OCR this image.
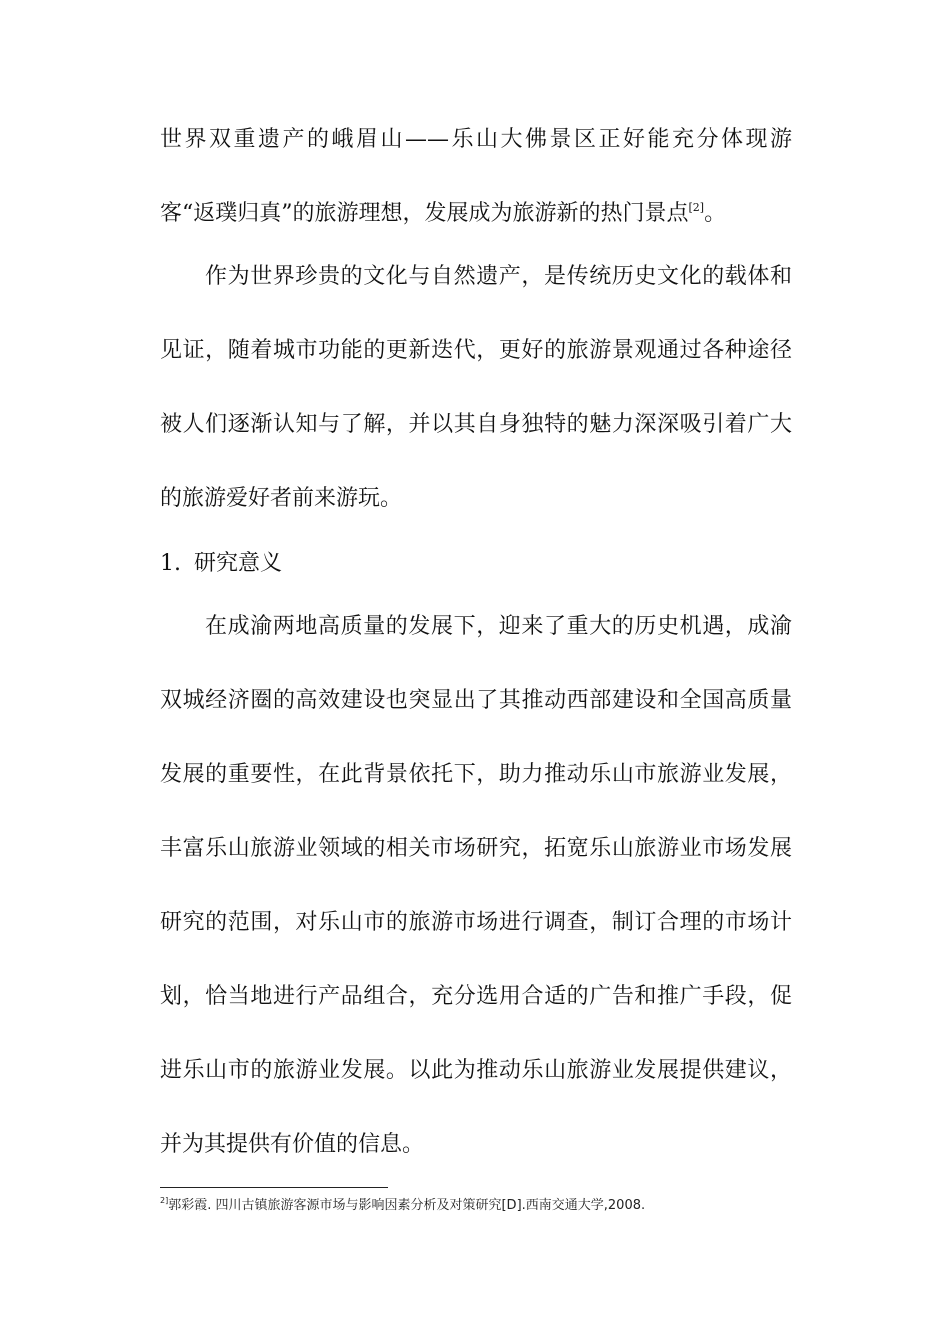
世界双重遗产的峨眉山——乐山大佛景区正好能充分体现游
客“返璞归真”的旅游理想，发展成为旅游新的热门景点[2]。
作为世界珍贵的文化与自然遗产，是传统历史文化的载体和
见证，随着城市功能的更新迭代，更好的旅游景观通过各种途径
被人们逐渐认知与了解，并以其自身独特的魅力深深吸引着广大
的旅游爱好者前来游玩。
1. 研究意义
在成渝两地高质量的发展下，迎来了重大的历史机遇，成渝
双城经济圈的高效建设也突显出了其推动西部建设和全国高质量
发展的重要性，在此背景依托下，助力推动乐山市旅游业发展，
丰富乐山旅游业领域的相关市场研究，拓宽乐山旅游业市场发展
研究的范围，对乐山市的旅游市场进行调查，制订合理的市场计
划，恰当地进行产品组合，充分选用合适的广告和推广手段，促
进乐山市的旅游业发展。以此为推动乐山旅游业发展提供建议，
并为其提供有价值的信息。
$^{2]}$郭彩霞. 四川古镇旅游客源市场与影响因素分析及对策研究[D].西南交通大学,2008.
